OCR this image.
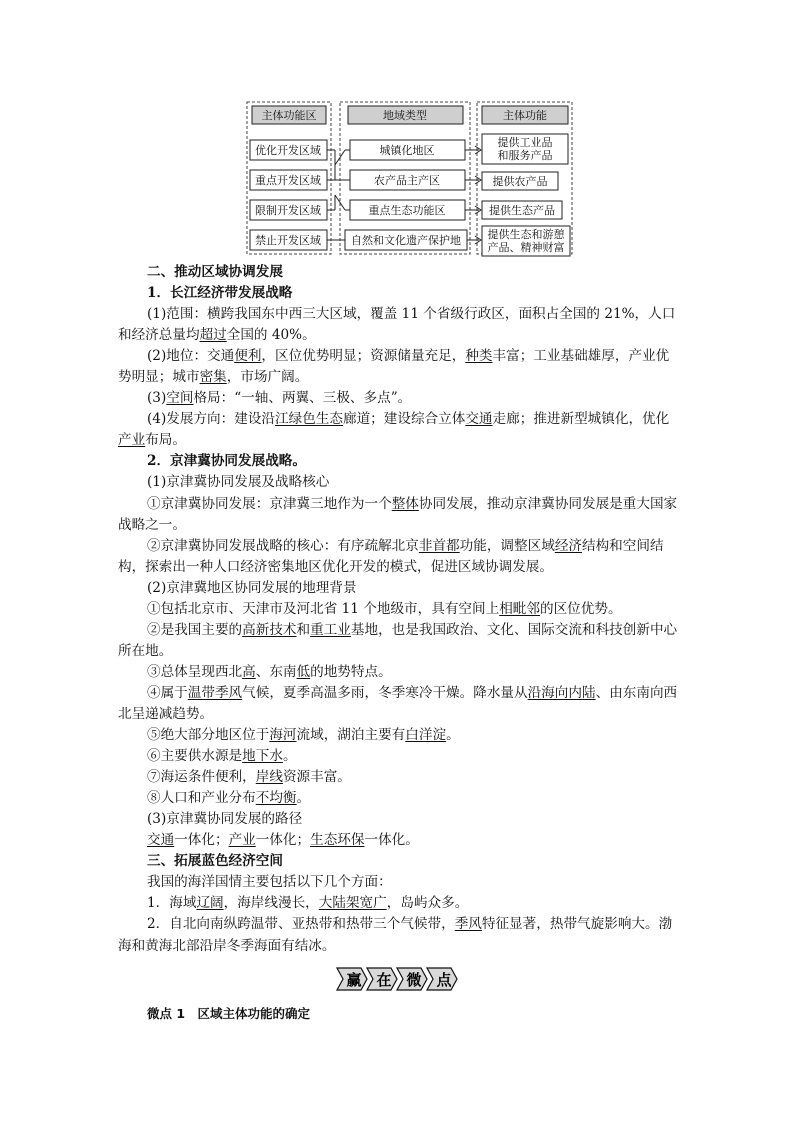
主体功能区	地域类型	主体功能
优化开发区域
重点开发区域
限制开发区域
禁止开发区域
城镇化地区
农产品主产区
重点生态功能区
自然和文化遗产保护地
提供工业品
和服务产品
提供农产品
提供生态产品
提供生态和游憩
产品、精神财富

二、推动区域协调发展

1．长江经济带发展战略

(1)范围：横跨我国东中西三大区域，覆盖 11 个省级行政区，面积占全国的 21%，人口和经济总量均超过全国的 40%。

(2)地位：交通便利，区位优势明显；资源储量充足，种类丰富；工业基础雄厚，产业优势明显；城市密集，市场广阔。

(3)空间格局：“一轴、两翼、三极、多点”。

(4)发展方向：建设沿江绿色生态廊道；建设综合立体交通走廊；推进新型城镇化，优化产业布局。

2．京津冀协同发展战略。

(1)京津冀协同发展及战略核心

①京津冀协同发展：京津冀三地作为一个整体协同发展，推动京津冀协同发展是重大国家战略之一。

②京津冀协同发展战略的核心：有序疏解北京非首都功能，调整区域经济结构和空间结构，探索出一种人口经济密集地区优化开发的模式，促进区域协调发展。

(2)京津冀地区协同发展的地理背景

①包括北京市、天津市及河北省 11 个地级市，具有空间上相毗邻的区位优势。

②是我国主要的高新技术和重工业基地，也是我国政治、文化、国际交流和科技创新中心所在地。

③总体呈现西北高、东南低的地势特点。

④属于温带季风气候，夏季高温多雨，冬季寒冷干燥。降水量从沿海向内陆、由东南向西北呈递减趋势。

⑤绝大部分地区位于海河流域，湖泊主要有白洋淀。

⑥主要供水源是地下水。

⑦海运条件便利，岸线资源丰富。

⑧人口和产业分布不均衡。

(3)京津冀协同发展的路径

交通一体化；产业一体化；生态环保一体化。

三、拓展蓝色经济空间

我国的海洋国情主要包括以下几个方面：

1．海域辽阔，海岸线漫长，大陆架宽广，岛屿众多。

2．自北向南纵跨温带、亚热带和热带三个气候带，季风特征显著，热带气旋影响大。渤海和黄海北部沿岸冬季海面有结冰。

赢 在 微 点

微点 1　区域主体功能的确定
